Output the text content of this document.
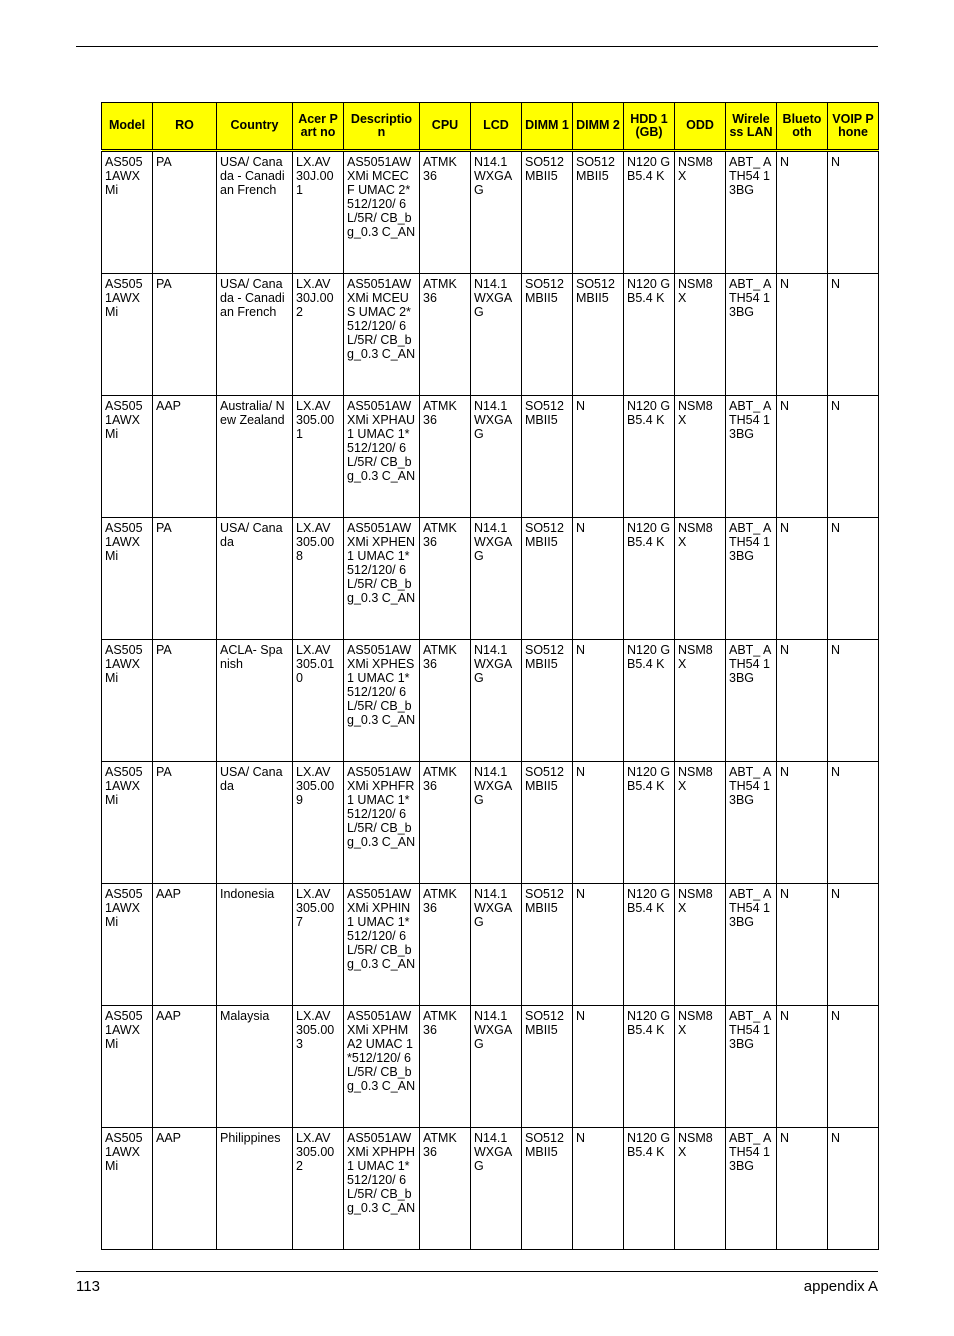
Model	RO	Country	Acer Part no	Descriptio n	CPU	LCD	DIMM 1	DIMM 2	HDD 1 (GB)	ODD	Wirele ss LAN	Blueto oth	VOIP Phone
AS505 1AWX Mi	PA	USA/ Canada - Canadian French	LX.AV 30J.00 1	AS5051AW XMi MCECF UMAC 2*512/120/ 6L/5R/ CB_bg_0.3 C_AN	ATMK 36	N14.1 WXGA G	SO512 MBII5	SO512 MBII5	N120 GB5.4 K	NSM8 X	ABT_ ATH54 13BG	N	N
AS505 1AWX Mi	PA	USA/ Canada - Canadian French	LX.AV 30J.00 2	AS5051AW XMi MCEUS UMAC 2*512/120/ 6L/5R/ CB_bg_0.3 C_AN	ATMK 36	N14.1 WXGA G	SO512 MBII5	SO512 MBII5	N120 GB5.4 K	NSM8 X	ABT_ ATH54 13BG	N	N
AS505 1AWX Mi	AAP	Australia/ New Zealand	LX.AV 305.00 1	AS5051AW XMi XPHAU1 UMAC 1*512/120/ 6L/5R/ CB_bg_0.3 C_AN	ATMK 36	N14.1 WXGA G	SO512 MBII5	N	N120 GB5.4 K	NSM8 X	ABT_ ATH54 13BG	N	N
AS505 1AWX Mi	PA	USA/ Canada	LX.AV 305.00 8	AS5051AW XMi XPHEN1 UMAC 1*512/120/ 6L/5R/ CB_bg_0.3 C_AN	ATMK 36	N14.1 WXGA G	SO512 MBII5	N	N120 GB5.4 K	NSM8 X	ABT_ ATH54 13BG	N	N
AS505 1AWX Mi	PA	ACLA- Spanish	LX.AV 305.01 0	AS5051AW XMi XPHES1 UMAC 1*512/120/ 6L/5R/ CB_bg_0.3 C_AN	ATMK 36	N14.1 WXGA G	SO512 MBII5	N	N120 GB5.4 K	NSM8 X	ABT_ ATH54 13BG	N	N
AS505 1AWX Mi	PA	USA/ Canada	LX.AV 305.00 9	AS5051AW XMi XPHFR1 UMAC 1*512/120/ 6L/5R/ CB_bg_0.3 C_AN	ATMK 36	N14.1 WXGA G	SO512 MBII5	N	N120 GB5.4 K	NSM8 X	ABT_ ATH54 13BG	N	N
AS505 1AWX Mi	AAP	Indonesia	LX.AV 305.00 7	AS5051AW XMi XPHIN1 UMAC 1*512/120/ 6L/5R/ CB_bg_0.3 C_AN	ATMK 36	N14.1 WXGA G	SO512 MBII5	N	N120 GB5.4 K	NSM8 X	ABT_ ATH54 13BG	N	N
AS505 1AWX Mi	AAP	Malaysia	LX.AV 305.00 3	AS5051AW XMi XPHMA2 UMAC 1*512/120/ 6L/5R/ CB_bg_0.3 C_AN	ATMK 36	N14.1 WXGA G	SO512 MBII5	N	N120 GB5.4 K	NSM8 X	ABT_ ATH54 13BG	N	N
AS505 1AWX Mi	AAP	Philippines	LX.AV 305.00 2	AS5051AW XMi XPHPH1 UMAC 1*512/120/ 6L/5R/ CB_bg_0.3 C_AN	ATMK 36	N14.1 WXGA G	SO512 MBII5	N	N120 GB5.4 K	NSM8 X	ABT_ ATH54 13BG	N	N
113	appendix A
